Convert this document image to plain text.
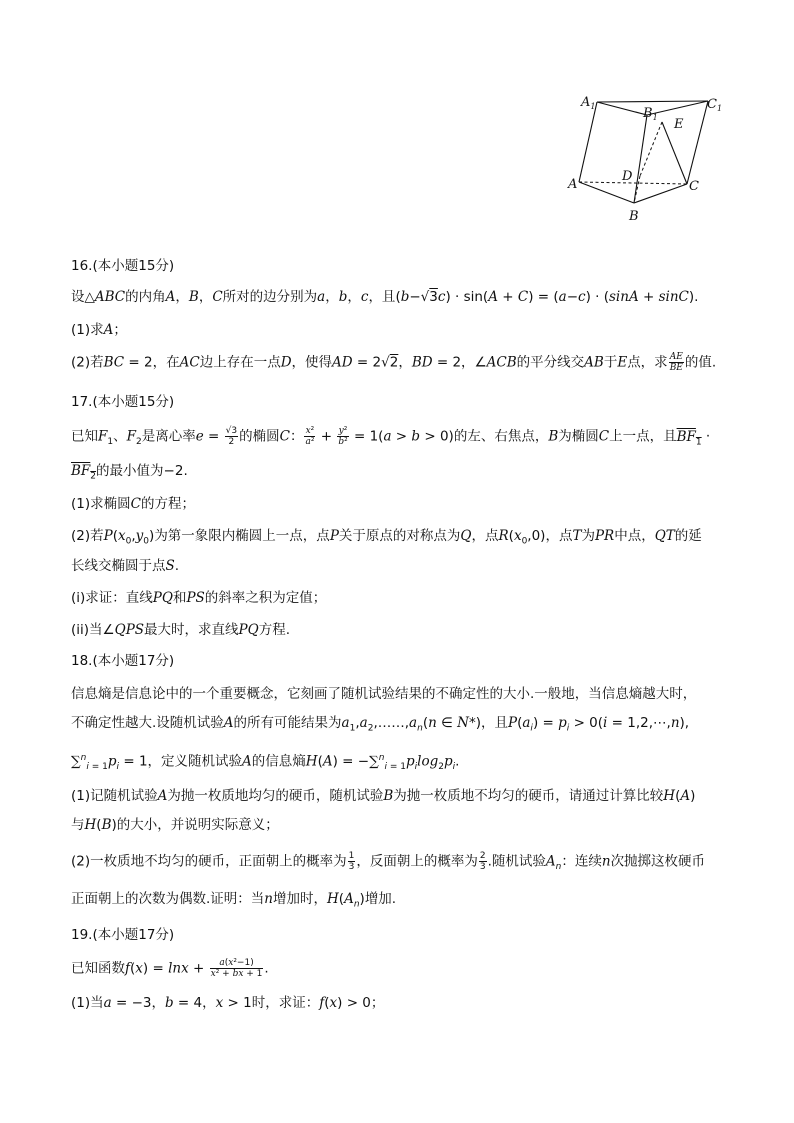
$A_1$	$B_1$
$C_1$
E
D
A	C
B
16.(本小题15分)
设△ABC的内角A，B，C所对的边分别为a，b，c，且(b−√3c) · sin(A + C) = (a−c) · (sinA + sinC).
(1)求A；
(2)若BC = 2，在AC边上存在一点D，使得AD = 2√2，BD = 2，∠ACB的平分线交AB于E点，求 $\frac{AE}{BE}$ 的值.
17.(本小题15分)
已知$F_1$、$F_2$是离心率$e = \frac{√3}{2}$ 的椭圆C： $\frac{\text{x²}}{\text{a²}} + \frac{\text{y²}}{\text{b²}} = 1(a > b > 0)$的左、右焦点，B为椭圆C上一点，且$BF_1$ ·
$BF_2$的最小值为−2.
(1)求椭圆C的方程；
(2)若$P(x_0,y_0)$为第一象限内椭圆上一点，点P关于原点的对称点为Q，点$R(x_0,0)$，点T为PR中点，QT的延
长线交椭圆于点S.
(i)求证：直线PQ和PS的斜率之积为定值；
(ii)当∠QPS最大时，求直线PQ方程.
18.(本小题17分)
信息熵是信息论中的一个重要概念，它刻画了随机试验结果的不确定性的大小.一般地，当信息熵越大时，
不确定性越大.设随机试验A的所有可能结果为$a_1,a_2,\dots\dots,a_n(n$ ∈ N*)，且$P(a_i) = p_i > 0(i$ = 1,2,⋯,n),
$\sum^n_{i = 1}p_i = 1$，定义随机试验A的信息熵$H(A) = -\sum^n_{i = 1}p_i\log_2p_i$.
(1)记随机试验A为抛一枚质地均匀的硬币，随机试验B为抛一枚质地不均匀的硬币，请通过计算比较H(A)
与H(B)的大小，并说明实际意义；
(2)一枚质地不均匀的硬币，正面朝上的概率为 $\frac{1}{3}$ ，反面朝上的概率为 $\frac{2}{3}$ .随机试验$A_n$：连续n次抛掷这枚硬币
正面朝上的次数为偶数.证明：当n增加时，$H(A_n)$增加.
19.(本小题17分)
已知函数$f(x) = \ln x + \frac{\text{a(x²−1)}}{\text{x² + bx + 1}}$ .
(1)当a = −3，b = 4，x > 1时，求证：f(x) > 0；
